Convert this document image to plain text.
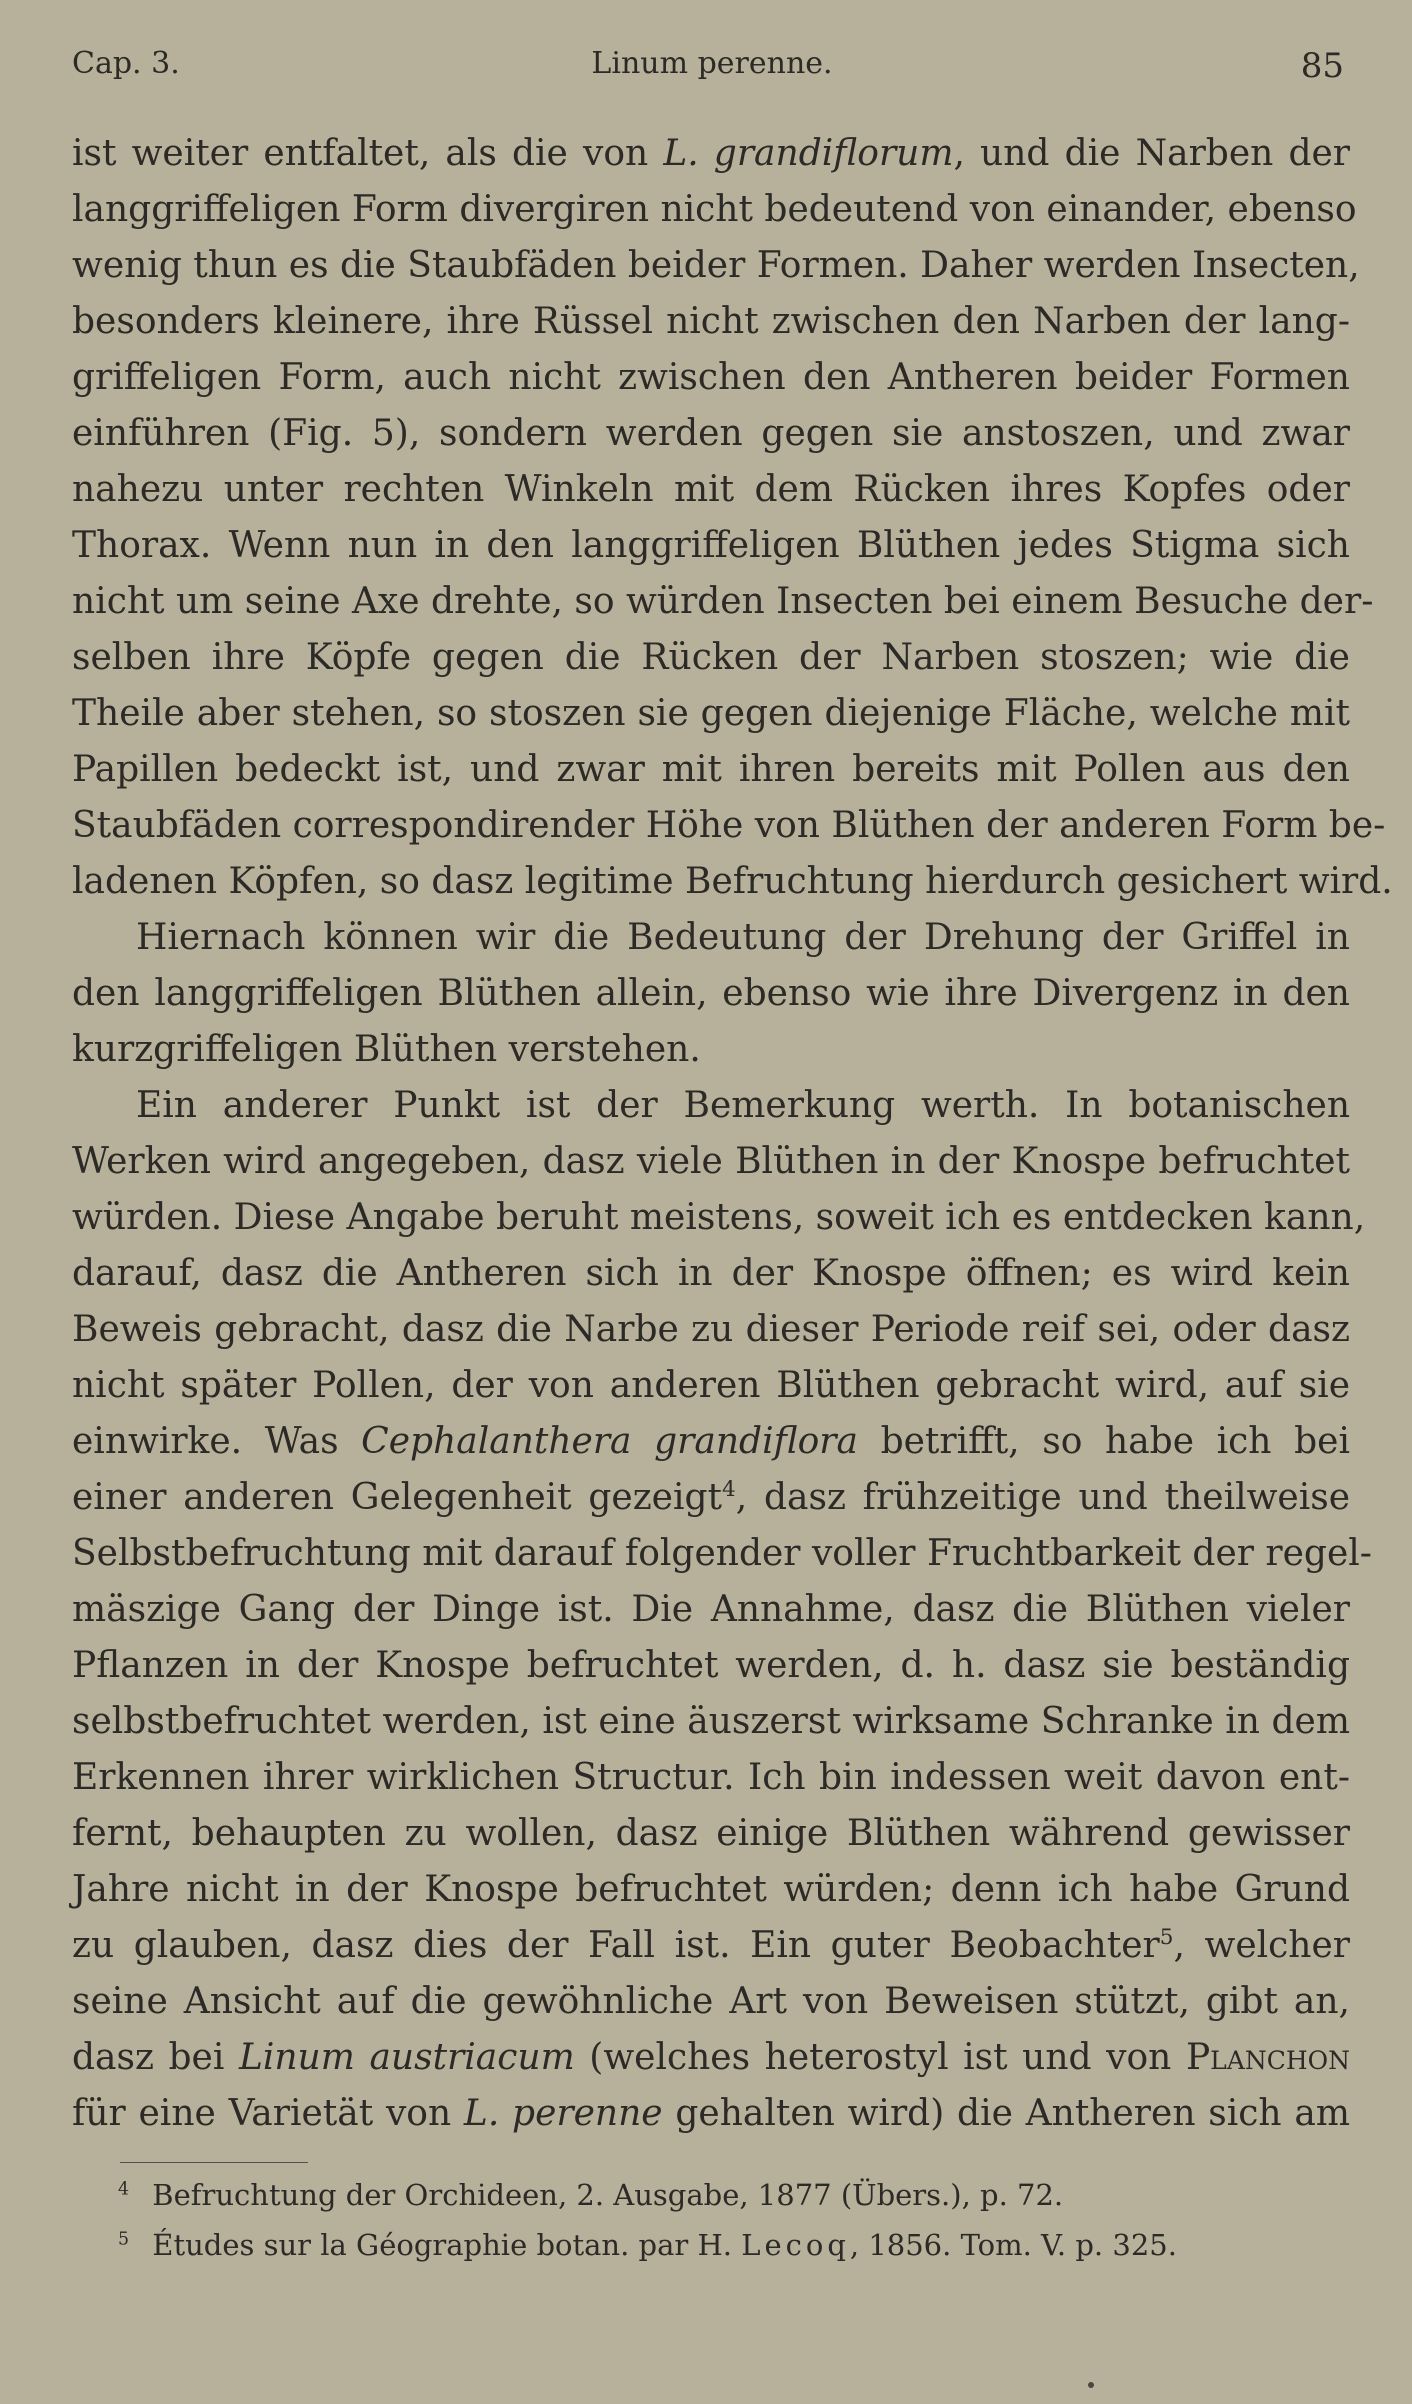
Cap. 3.	Linum perenne.	85
ist weiter entfaltet, als die von L. grandiflorum, und die Narben der
langgriffeligen Form divergiren nicht bedeutend von einander, ebenso
wenig thun es die Staubfäden beider Formen. Daher werden Insecten,
besonders kleinere, ihre Rüssel nicht zwischen den Narben der lang-
griffeligen Form, auch nicht zwischen den Antheren beider Formen
einführen (Fig. 5), sondern werden gegen sie anstoszen, und zwar
nahezu unter rechten Winkeln mit dem Rücken ihres Kopfes oder
Thorax. Wenn nun in den langgriffeligen Blüthen jedes Stigma sich
nicht um seine Axe drehte, so würden Insecten bei einem Besuche der-
selben ihre Köpfe gegen die Rücken der Narben stoszen; wie die
Theile aber stehen, so stoszen sie gegen diejenige Fläche, welche mit
Papillen bedeckt ist, und zwar mit ihren bereits mit Pollen aus den
Staubfäden correspondirender Höhe von Blüthen der anderen Form be-
ladenen Köpfen, so dasz legitime Befruchtung hierdurch gesichert wird.
Hiernach können wir die Bedeutung der Drehung der Griffel in
den langgriffeligen Blüthen allein, ebenso wie ihre Divergenz in den
kurzgriffeligen Blüthen verstehen.
Ein anderer Punkt ist der Bemerkung werth. In botanischen
Werken wird angegeben, dasz viele Blüthen in der Knospe befruchtet
würden. Diese Angabe beruht meistens, soweit ich es entdecken kann,
darauf, dasz die Antheren sich in der Knospe öffnen; es wird kein
Beweis gebracht, dasz die Narbe zu dieser Periode reif sei, oder dasz
nicht später Pollen, der von anderen Blüthen gebracht wird, auf sie
einwirke. Was Cephalanthera grandiflora betrifft, so habe ich bei
einer anderen Gelegenheit gezeigt$^4$, dasz frühzeitige und theilweise
Selbstbefruchtung mit darauf folgender voller Fruchtbarkeit der regel-
mäszige Gang der Dinge ist. Die Annahme, dasz die Blüthen vieler
Pflanzen in der Knospe befruchtet werden, d. h. dasz sie beständig
selbstbefruchtet werden, ist eine äuszerst wirksame Schranke in dem
Erkennen ihrer wirklichen Structur. Ich bin indessen weit davon ent-
fernt, behaupten zu wollen, dasz einige Blüthen während gewisser
Jahre nicht in der Knospe befruchtet würden; denn ich habe Grund
zu glauben, dasz dies der Fall ist. Ein guter Beobachter$^5$, welcher
seine Ansicht auf die gewöhnliche Art von Beweisen stützt, gibt an,
dasz bei Linum austriacum (welches heterostyl ist und von Planchon
für eine Varietät von L. perenne gehalten wird) die Antheren sich am
$^4$ Befruchtung der Orchideen, 2. Ausgabe, 1877 (Übers.), p. 72.
$^5$ Études sur la Géographie botan. par H. Lecoq, 1856. Tom. V. p. 325.
